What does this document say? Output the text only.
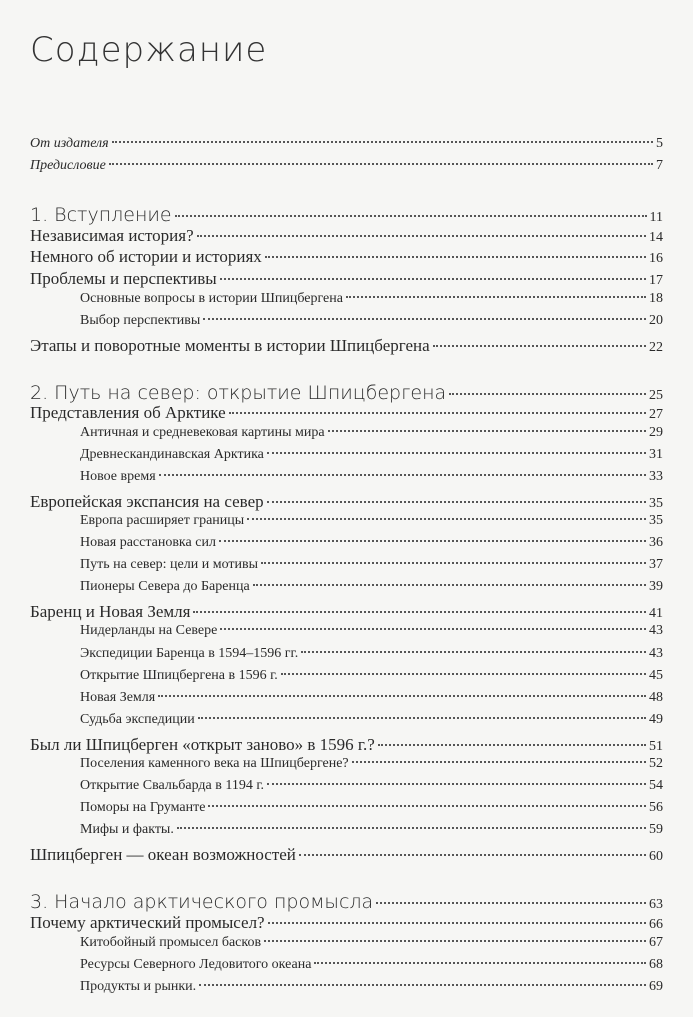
Содержание
От издателя	5
Предисловие	7
1. Вступление	11
Независимая история?	14
Немного об истории и историях	16
Проблемы и перспективы	17
Основные вопросы в истории Шпицбергена	18
Выбор перспективы	20
Этапы и поворотные моменты в истории Шпицбергена	22
2. Путь на север: открытие Шпицбергена	25
Представления об Арктике	27
Античная и средневековая картины мира	29
Древнескандинавская Арктика	31
Новое время	33
Европейская экспансия на север	35
Европа расширяет границы	35
Новая расстановка сил	36
Путь на север: цели и мотивы	37
Пионеры Севера до Баренца	39
Баренц и Новая Земля	41
Нидерланды на Севере	43
Экспедиции Баренца в 1594–1596 гг.	43
Открытие Шпицбергена в 1596 г.	45
Новая Земля	48
Судьба экспедиции	49
Был ли Шпицберген «открыт заново» в 1596 г.?	51
Поселения каменного века на Шпицбергене?	52
Открытие Свальбарда в 1194 г.	54
Поморы на Груманте	56
Мифы и факты.	59
Шпицберген — океан возможностей	60
3. Начало арктического промысла	63
Почему арктический промысел?	66
Китобойный промысел басков	67
Ресурсы Северного Ледовитого океана	68
Продукты и рынки.	69
